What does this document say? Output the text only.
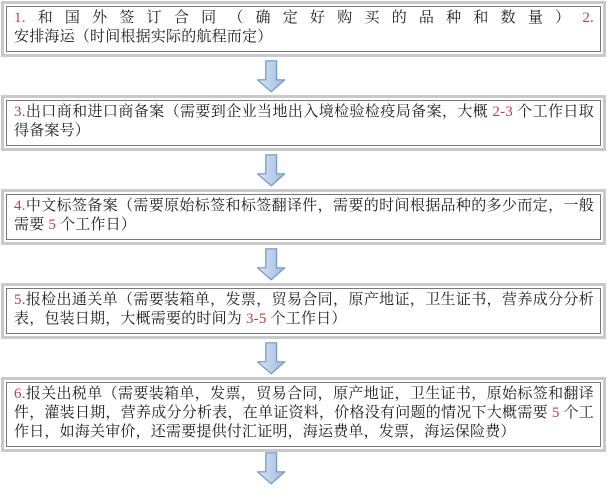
1.和国外签订合同（确定好购买的品种和数量）2.安排海运（时间根据实际的航程而定）
3.出口商和进口商备案（需要到企业当地出入境检验检疫局备案，大概 2-3 个工作日取得备案号）
4.中文标签备案（需要原始标签和标签翻译件，需要的时间根据品种的多少而定，一般需要 5 个工作日）
5.报检出通关单（需要装箱单，发票，贸易合同，原产地证，卫生证书，营养成分分析表，包装日期，大概需要的时间为 3-5 个工作日）
6.报关出税单（需要装箱单，发票，贸易合同，原产地证，卫生证书，原始标签和翻译件，灌装日期，营养成分分析表，在单证资料，价格没有问题的情况下大概需要 5 个工作日，如海关审价，还需要提供付汇证明，海运费单，发票，海运保险费）
